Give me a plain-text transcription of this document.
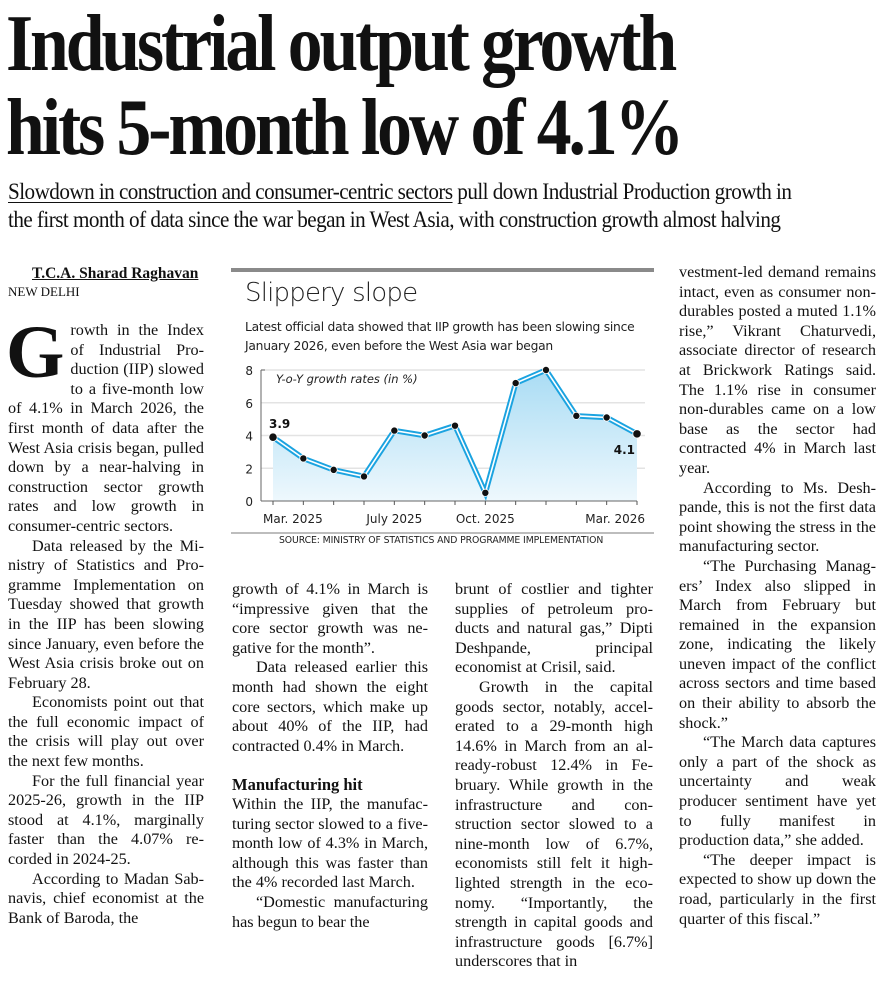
Industrial output growth
hits 5-month low of 4.1%

Slowdown in construction and consumer-centric sectors pull down Industrial Production growth in
the first month of data since the war began in West Asia, with construction growth almost halving

T.C.A. Sharad Raghavan

NEW DELHI

Growth in the Index of Industrial Production (IIP) slowed to a five-month low of 4.1% in March 2026, the first month of data after the West Asia crisis began, pulled down by a near-halving in construction sector growth rates and low growth in consumer-centric sectors.

Data released by the Ministry of Statistics and Programme Implementation on Tuesday showed that growth in the IIP has been slowing since January, even before the West Asia crisis broke out on February 28.

Economists point out that the full economic impact of the crisis will play out over the next few months.

For the full financial year 2025-26, growth in the IIP stood at 4.1%, marginally faster than the 4.07% recorded in 2024-25.

According to Madan Sabnavis, chief economist at the Bank of Baroda, the

Slippery slope
Latest official data showed that IIP growth has been slowing since January 2026, even before the West Asia war began
0
2
4
6
8
Mar. 2025	July 2025	Oct. 2025	Mar. 2026
Y-o-Y growth rates (in %)
3.9
4.1
SOURCE: MINISTRY OF STATISTICS AND PROGRAMME IMPLEMENTATION

growth of 4.1% in March is “impressive given that the core sector growth was negative for the month”.

Data released earlier this month had shown the eight core sectors, which make up about 40% of the IIP, had contracted 0.4% in March.

Manufacturing hit

Within the IIP, the manufacturing sector slowed to a five-month low of 4.3% in March, although this was faster than the 4% recorded last March.

“Domestic manufacturing has begun to bear the

brunt of costlier and tighter supplies of petroleum products and natural gas,” Dipti Deshpande, principal economist at Crisil, said.

Growth in the capital goods sector, notably, accelerated to a 29-month high 14.6% in March from an already-robust 12.4% in February. While growth in the infrastructure and construction sector slowed to a nine-month low of 6.7%, economists still felt it highlighted strength in the economy. “Importantly, the strength in capital goods and infrastructure goods [6.7%] underscores that in

vestment-led demand remains intact, even as consumer non-durables posted a muted 1.1% rise,” Vikrant Chaturvedi, associate director of research at Brickwork Ratings said. The 1.1% rise in consumer non-durables came on a low base as the sector had contracted 4% in March last year.

According to Ms. Deshpande, this is not the first data point showing the stress in the manufacturing sector.

“The Purchasing Managers’ Index also slipped in March from February but remained in the expansion zone, indicating the likely uneven impact of the conflict across sectors and time based on their ability to absorb the shock.”

“The March data captures only a part of the shock as uncertainty and weak producer sentiment have yet to fully manifest in production data,” she added.

“The deeper impact is expected to show up down the road, particularly in the first quarter of this fiscal.”
